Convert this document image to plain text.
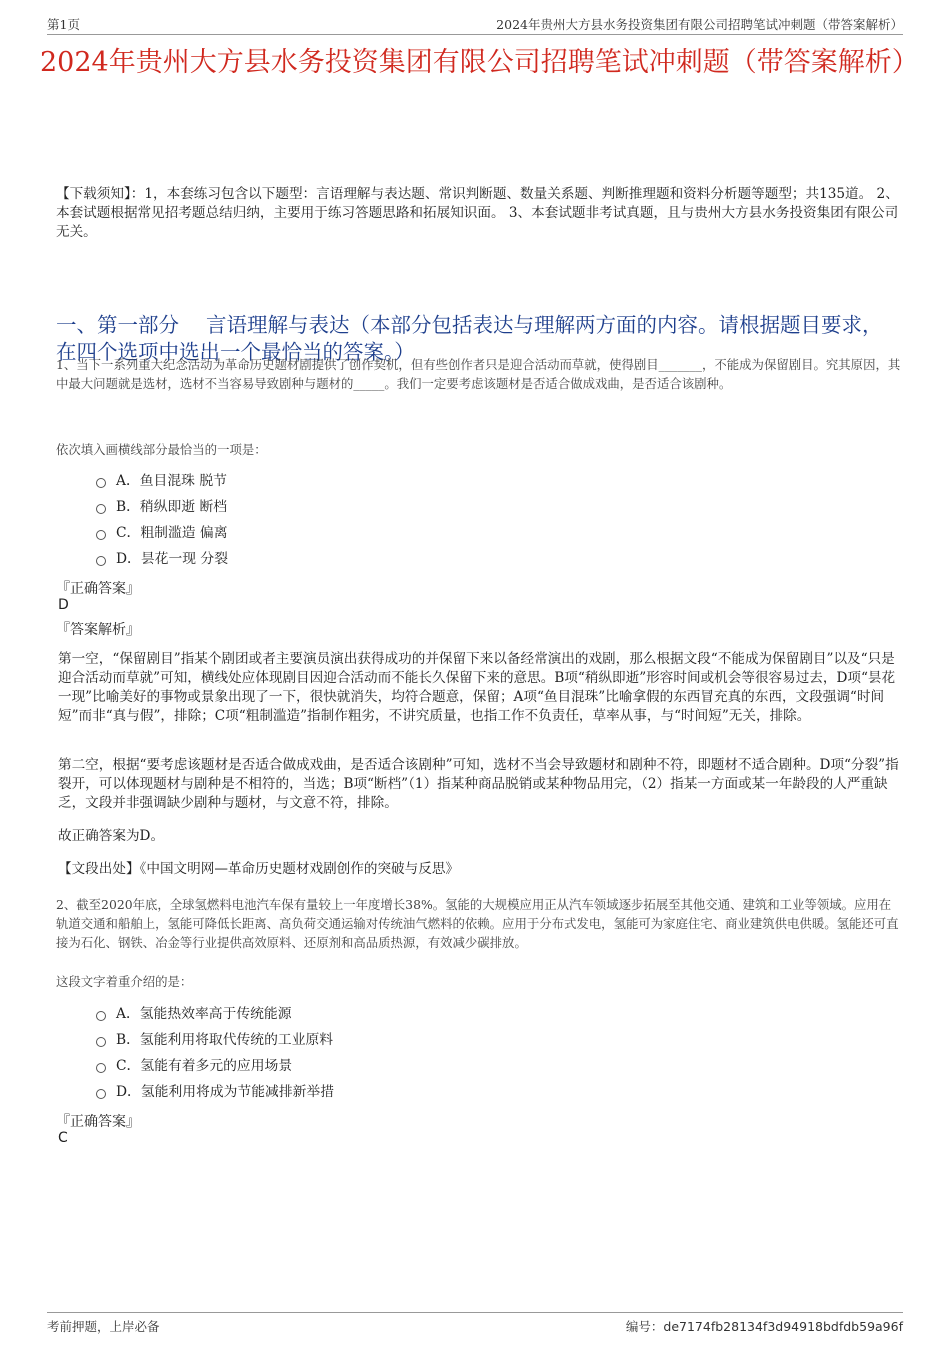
第1页	2024年贵州大方县水务投资集团有限公司招聘笔试冲刺题（带答案解析）
2024年贵州大方县水务投资集团有限公司招聘笔试冲刺题（带答案解析）
【下载须知】：1，本套练习包含以下题型：言语理解与表达题、常识判断题、数量关系题、判断推理题和资料分析题等题型；共135道。 2、本套试题根据常见招考题总结归纳，主要用于练习答题思路和拓展知识面。 3、本套试题非考试真题，且与贵州大方县水务投资集团有限公司无关。
一、第一部分　 言语理解与表达（本部分包括表达与理解两方面的内容。请根据题目要求，在四个选项中选出一个最恰当的答案。）
1、当下一系列重大纪念活动为革命历史题材剧提供了创作契机，但有些创作者只是迎合活动而草就，使得剧目_______，不能成为保留剧目。究其原因，其中最大问题就是选材，选材不当容易导致剧种与题材的_____。我们一定要考虑该题材是否适合做成戏曲，是否适合该剧种。
依次填入画横线部分最恰当的一项是：
A．鱼目混珠 脱节
B．稍纵即逝 断档
C．粗制滥造 偏离
D．昙花一现 分裂
『正确答案』
D
『答案解析』
第一空，“保留剧目”指某个剧团或者主要演员演出获得成功的并保留下来以备经常演出的戏剧，那么根据文段“不能成为保留剧目”以及“只是迎合活动而草就”可知，横线处应体现剧目因迎合活动而不能长久保留下来的意思。B项“稍纵即逝”形容时间或机会等很容易过去，D项“昙花一现”比喻美好的事物或景象出现了一下，很快就消失，均符合题意，保留；A项“鱼目混珠”比喻拿假的东西冒充真的东西，文段强调“时间短”而非“真与假”，排除；C项“粗制滥造”指制作粗劣，不讲究质量，也指工作不负责任，草率从事，与“时间短”无关，排除。
第二空，根据“要考虑该题材是否适合做成戏曲，是否适合该剧种”可知，选材不当会导致题材和剧种不符，即题材不适合剧种。D项“分裂”指裂开，可以体现题材与剧种是不相符的，当选；B项“断档”（1）指某种商品脱销或某种物品用完，（2）指某一方面或某一年龄段的人严重缺乏，文段并非强调缺少剧种与题材，与文意不符，排除。
故正确答案为D。
【文段出处】《中国文明网—革命历史题材戏剧创作的突破与反思》
2、截至2020年底，全球氢燃料电池汽车保有量较上一年度增长38%。氢能的大规模应用正从汽车领域逐步拓展至其他交通、建筑和工业等领域。应用在轨道交通和船舶上，氢能可降低长距离、高负荷交通运输对传统油气燃料的依赖。应用于分布式发电，氢能可为家庭住宅、商业建筑供电供暖。氢能还可直接为石化、钢铁、冶金等行业提供高效原料、还原剂和高品质热源，有效减少碳排放。
这段文字着重介绍的是：
A．氢能热效率高于传统能源
B．氢能利用将取代传统的工业原料
C．氢能有着多元的应用场景
D．氢能利用将成为节能减排新举措
『正确答案』
C
考前押题，上岸必备	编号：de7174fb28134f3d94918bdfdb59a96f
